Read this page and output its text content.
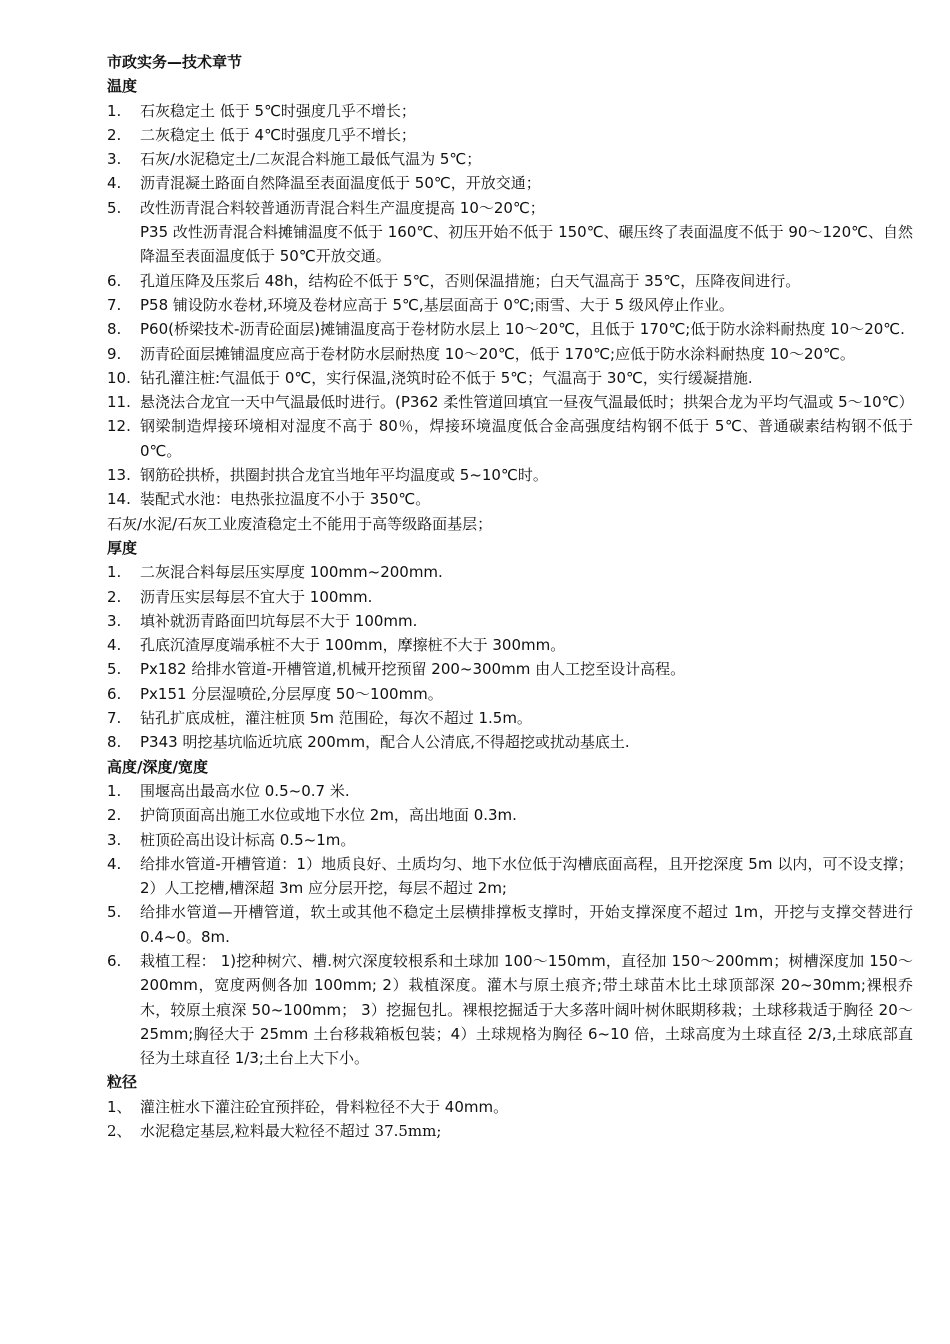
市政实务—技术章节
温度
1. 石灰稳定土 低于 5℃时强度几乎不增长；
2. 二灰稳定土 低于 4℃时强度几乎不增长；
3. 石灰/水泥稳定土/二灰混合料施工最低气温为 5℃；
4. 沥青混凝土路面自然降温至表面温度低于 50℃，开放交通；
5. 改性沥青混合料较普通沥青混合料生产温度提高 10～20℃；
P35 改性沥青混合料摊铺温度不低于 160℃、初压开始不低于 150℃、碾压终了表面温度不低于 90～120℃、自然降温至表面温度低于 50℃开放交通。
6. 孔道压降及压浆后 48h，结构砼不低于 5℃，否则保温措施；白天气温高于 35℃，压降夜间进行。
7. P58 铺设防水卷材,环境及卷材应高于 5℃,基层面高于 0℃;雨雪、大于 5 级风停止作业。
8. P60(桥梁技术-沥青砼面层)摊铺温度高于卷材防水层上 10～20℃，且低于 170℃;低于防水涂料耐热度 10～20℃.
9. 沥青砼面层摊铺温度应高于卷材防水层耐热度 10～20℃，低于 170℃;应低于防水涂料耐热度 10～20℃。
10. 钻孔灌注桩:气温低于 0℃，实行保温,浇筑时砼不低于 5℃；气温高于 30℃，实行缓凝措施.
11. 悬浇法合龙宜一天中气温最低时进行。(P362 柔性管道回填宜一昼夜气温最低时；拱架合龙为平均气温或 5～10℃）
12. 钢梁制造焊接环境相对湿度不高于 80％，焊接环境温度低合金高强度结构钢不低于 5℃、普通碳素结构钢不低于 0℃。
13. 钢筋砼拱桥，拱圈封拱合龙宜当地年平均温度或 5~10℃时。
14. 装配式水池：电热张拉温度不小于 350℃。

石灰/水泥/石灰工业废渣稳定土不能用于高等级路面基层；

厚度
1. 二灰混合料每层压实厚度 100mm~200mm.
2. 沥青压实层每层不宜大于 100mm.
3. 填补就沥青路面凹坑每层不大于 100mm.
4. 孔底沉渣厚度端承桩不大于 100mm，摩擦桩不大于 300mm。
5. Px182 给排水管道-开槽管道,机械开挖预留 200~300mm 由人工挖至设计高程。
6. Px151 分层湿喷砼,分层厚度 50～100mm。
7. 钻孔扩底成桩，灌注桩顶 5m 范围砼，每次不超过 1.5m。
8. P343 明挖基坑临近坑底 200mm，配合人公清底,不得超挖或扰动基底土.
高度/深度/宽度
1. 围堰高出最高水位 0.5~0.7 米.
2. 护筒顶面高出施工水位或地下水位 2m，高出地面 0.3m.
3. 桩顶砼高出设计标高 0.5~1m。
4. 给排水管道-开槽管道：1）地质良好、土质均匀、地下水位低于沟槽底面高程，且开挖深度 5m 以内，可不设支撑；2）人工挖槽,槽深超 3m 应分层开挖，每层不超过 2m;
5. 给排水管道—开槽管道，软土或其他不稳定土层横排撑板支撑时，开始支撑深度不超过 1m，开挖与支撑交替进行 0.4~0。8m.
6. 栽植工程： 1)挖种树穴、槽.树穴深度较根系和土球加 100～150mm，直径加 150～200mm；树槽深度加 150～200mm，宽度两侧各加 100mm; 2）栽植深度。灌木与原土痕齐;带土球苗木比土球顶部深 20~30mm;裸根乔木，较原土痕深 50~100mm； 3）挖掘包扎。裸根挖掘适于大多落叶阔叶树休眠期移栽；土球移栽适于胸径 20～25mm;胸径大于 25mm 土台移栽箱板包装；4）土球规格为胸径 6~10 倍，土球高度为土球直径 2/3,土球底部直径为土球直径 1/3;土台上大下小。
粒径
1、 灌注桩水下灌注砼宜预拌砼，骨料粒径不大于 40mm。
2、 水泥稳定基层,粒料最大粒径不超过 37.5mm;
